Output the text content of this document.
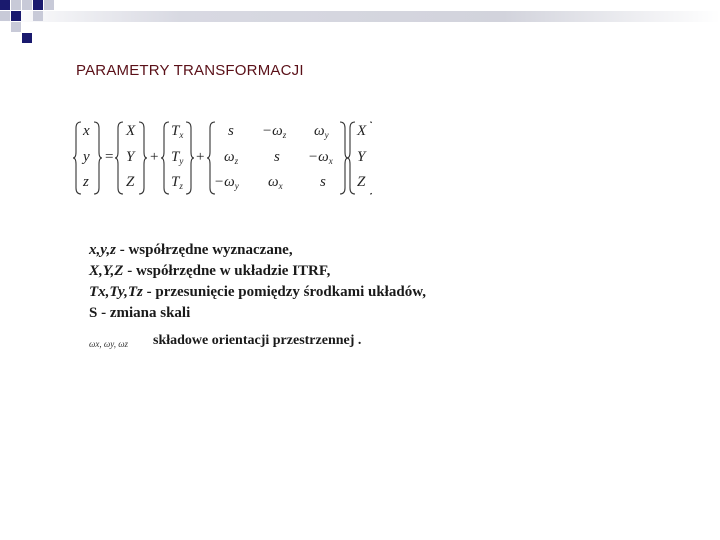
PARAMETRY TRANSFORMACJI
x
y
z
=
X
Y
Z
+
$T_x$
$T_y$
$T_z$
+
$s -\omega_z$ $\omega_y$
$\omega_z$ $s -\omega_x$
$-\omega_y$ $\omega_x$ s
X
Y
Z
x,y,z - współrzędne wyznaczane,
X,Y,Z - współrzędne w układzie ITRF,
Tx,Ty,Tz - przesunięcie pomiędzy środkami układów,
S - zmiana skali
ωx, ωy, ωz składowe orientacji przestrzennej .
